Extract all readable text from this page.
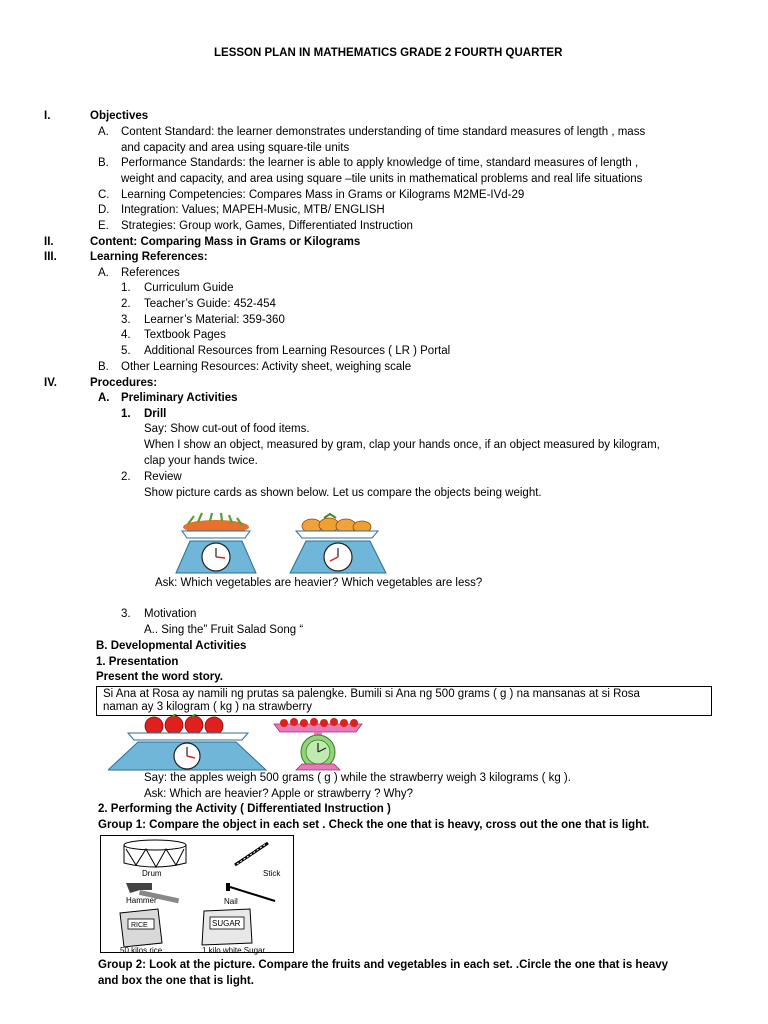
LESSON PLAN IN MATHEMATICS GRADE 2 FOURTH QUARTER
I.	Objectives
A. Content Standard: the learner demonstrates understanding of time standard measures of length , mass
and capacity and area using square-tile units
B. Performance Standards: the learner is able to apply knowledge of time, standard measures of length ,
weight and capacity, and area using square –tile units in mathematical problems and real life situations
C. Learning Competencies: Compares Mass in Grams or Kilograms M2ME-IVd-29
D. Integration: Values; MAPEH-Music, MTB/ ENGLISH
E. Strategies: Group work, Games, Differentiated Instruction
II.	Content: Comparing Mass in Grams or Kilograms
III.	Learning References:
A. References
1. Curriculum Guide
2. Teacher’s Guide: 452-454
3. Learner’s Material: 359-360
4. Textbook Pages
5. Additional Resources from Learning Resources ( LR ) Portal
B. Other Learning Resources: Activity sheet, weighing scale
IV.	Procedures:
A. Preliminary Activities
1. Drill
Say: Show cut-out of food items.
When I show an object, measured by gram, clap your hands once, if an object measured by kilogram,
clap your hands twice.
2. Review
Show picture cards as shown below. Let us compare the objects being weight.
Ask: Which vegetables are heavier? Which vegetables are less?
3. Motivation
A.. Sing the” Fruit Salad Song “
B. Developmental Activities
1. Presentation
Present the word story.
Si Ana at Rosa ay namili ng prutas sa palengke. Bumili si Ana ng 500 grams ( g ) na mansanas at si Rosa
naman ay 3 kilogram ( kg ) na strawberry
Say: the apples weigh 500 grams ( g ) while the strawberry weigh 3 kilograms ( kg ).
Ask: Which are heavier? Apple or strawberry ? Why?
2. Performing the Activity ( Differentiated Instruction )
Group 1: Compare the object in each set . Check the one that is heavy, cross out the one that is light.
RICE	SUGAR
Drum	Stick
Hammer	Nail
50 kilos rice	1 kilo white Sugar
Group 2: Look at the picture. Compare the fruits and vegetables in each set. .Circle the one that is heavy
and box the one that is light.
